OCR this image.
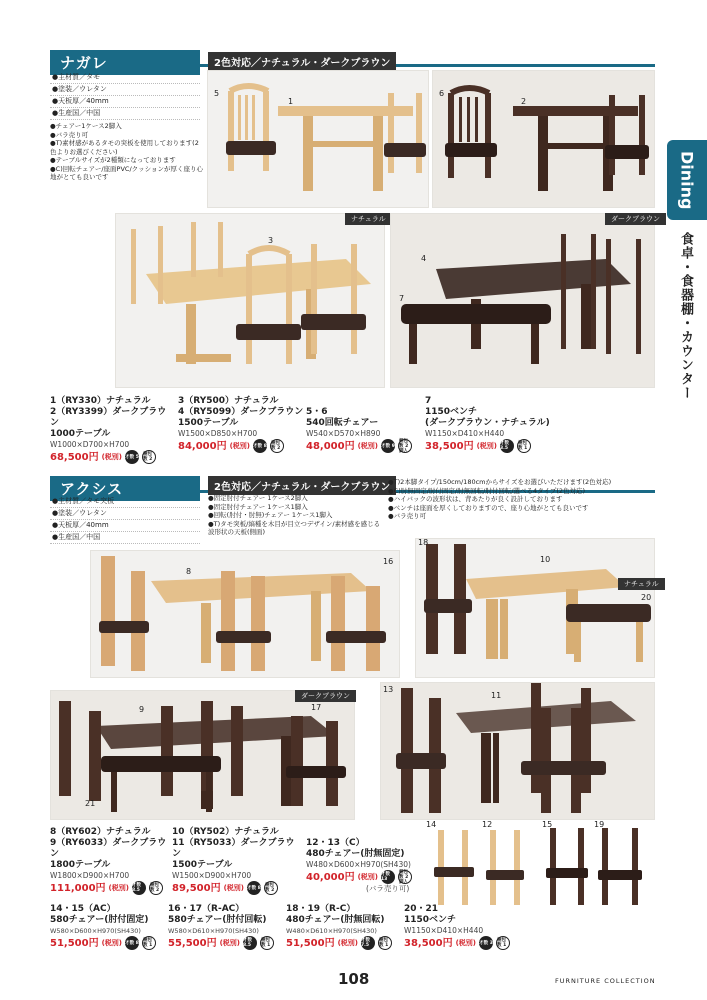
ナガレ	2色対応／ナチュラル・ダークブラウン
●主材質／タモ
●塗装／ウレタン
●天板厚／40mm
●生産国／中国
●チェアー1ケース2脚入
●バラ売り可
●T)素材感があるタモの突板を使用しております(2色よりお選びください)
●テーブルサイズが2種類になっております
●C)回転チェアー/座面PVC/クッションが厚く座り心地がとても良いです
5
1
6
2
3
ナチュラル
4
7
ダークブラウン
1（RY330）ナチュラル
2（RY3399）ダークブラウン
1000テーブル
W1000×D700×H700
68,500円 (税別) 才数 5 梱包数 2
3（RY500）ナチュラル
4（RY5099）ダークブラウン
1500テーブル
W1500×D850×H700
84,000円 (税別) 才数 8 梱包数 2
5・6
540回転チェアー
W540×D570×H890
48,000円 (税別) 才数 9
梱包数 2脚入
7
1150ベンチ
(ダークブラウン・ナチュラル)
W1150×D410×H440
38,500円 (税別) 才数 3.5
梱包数 1
アクシス	2色対応／ナチュラル・ダークブラウン
●主材質／タモ突板
●塗装／ウレタン
●天板厚／40mm
●生産国／中国
●固定肘付チェアー 1ケース2脚入
●固定肘付チェアー 1ケース1脚入
●回転(肘付・肘無)チェアー 1ケース1脚入
●T)タモ突板/縞種を木目が目立つデザイン/素材感を感じる波形状の天板(側面)
●T)2本脚タイプ/150cm/180cmからサイズをお選びいただけます(2色対応)
●C)肘無固定/肘付固定/肘無回転/肘付回転/選べる4タイプ(2色対応)
●ハイバックの波形状は、背あたりが良く設計しております
●ベンチは座面を厚くしておりますので、座り心地がとても良いです
●バラ売り可
8
16
18
10
20
ナチュラル
9	17
21
ダークブラウン
13
11
8（RY602）ナチュラル
9（RY6033）ダークブラウン
1800テーブル
W1800×D900×H700
111,000円 (税別) 才数 8.5
梱包数 2
10（RY502）ナチュラル
11（RY5033）ダークブラウン
1500テーブル
W1500×D900×H700
89,500円 (税別) 才数 8 梱包数 2
12・13（C）
480チェアー(肘無固定)
W480×D600×H970(SH430)
40,000円 (税別) 才数 13
梱包数 2脚入
(バラ売り可)
14	12	15	19
14・15（AC）
580チェアー(肘付固定)
W580×D600×H970(SH430)
51,500円 (税別) 才数 8 梱包数 1
16・17（R-AC）
580チェアー(肘付回転)
W580×D610×H970(SH430)
55,500円 (税別) 才数 8.5
梱包数 1
18・19（R-C）
480チェアー(肘無回転)
W480×D610×H970(SH430)
51,500円 (税別) 才数 7.5
梱包数 1
20・21
1150ベンチ
W1150×D410×H440
38,500円 (税別) 才数 3 梱包数 1
Dining
食卓・食器棚・カウンター
108	FURNITURE COLLECTION
